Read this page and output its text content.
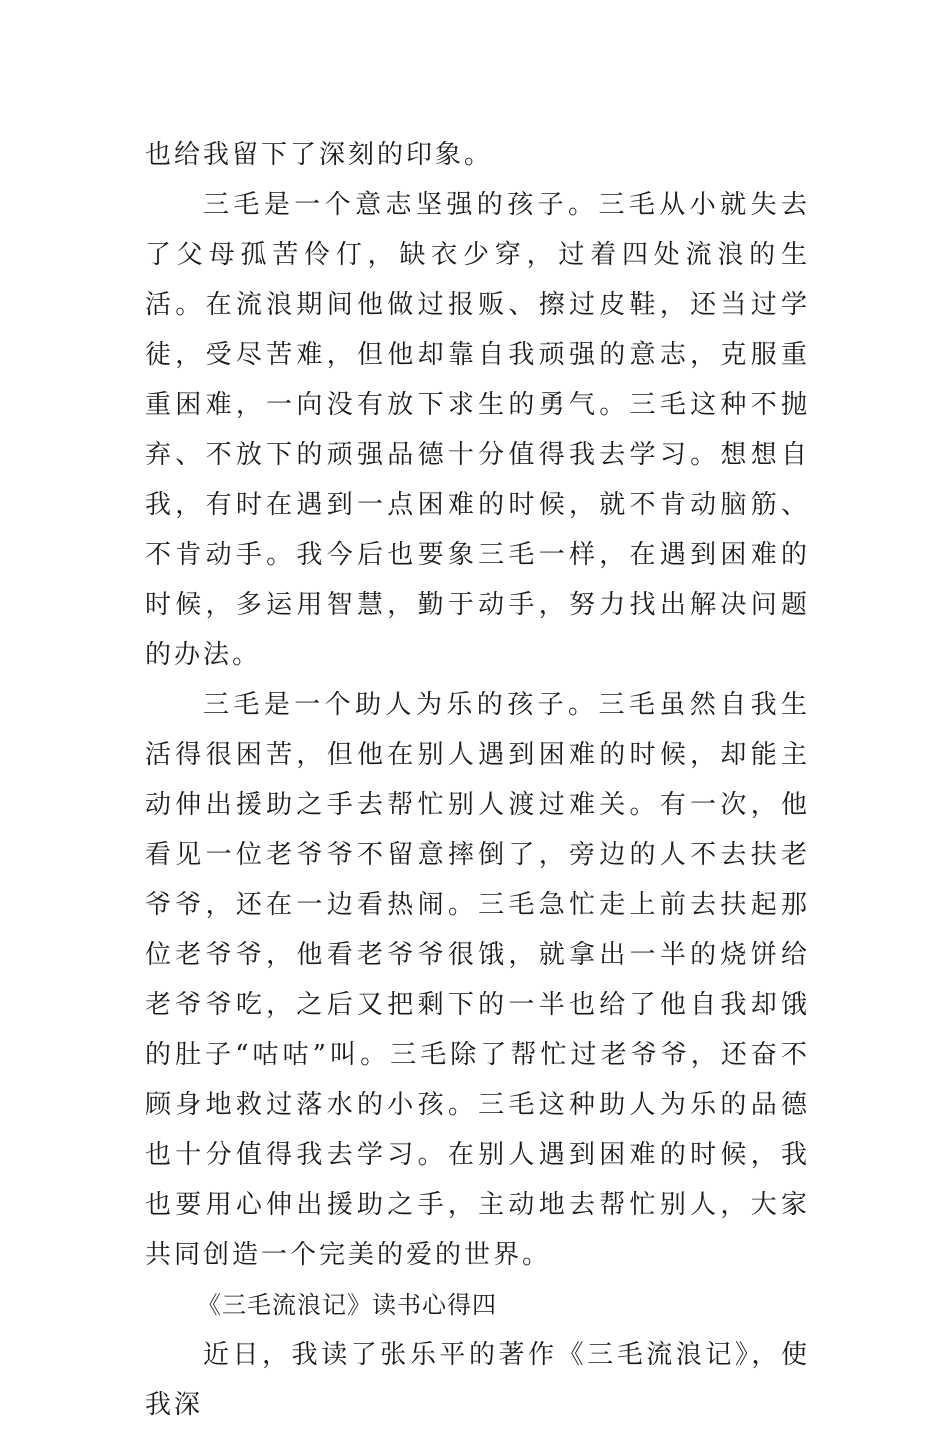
也给我留下了深刻的印象。

三毛是一个意志坚强的孩子。三毛从小就失去了父母孤苦伶仃，缺衣少穿，过着四处流浪的生活。在流浪期间他做过报贩、擦过皮鞋，还当过学徒，受尽苦难，但他却靠自我顽强的意志，克服重重困难，一向没有放下求生的勇气。三毛这种不抛弃、不放下的顽强品德十分值得我去学习。想想自我，有时在遇到一点困难的时候，就不肯动脑筋、不肯动手。我今后也要象三毛一样，在遇到困难的时候，多运用智慧，勤于动手，努力找出解决问题的办法。

三毛是一个助人为乐的孩子。三毛虽然自我生活得很困苦，但他在别人遇到困难的时候，却能主动伸出援助之手去帮忙别人渡过难关。有一次，他看见一位老爷爷不留意摔倒了，旁边的人不去扶老爷爷，还在一边看热闹。三毛急忙走上前去扶起那位老爷爷，他看老爷爷很饿，就拿出一半的烧饼给老爷爷吃，之后又把剩下的一半也给了他自我却饿的肚子“咕咕”叫。三毛除了帮忙过老爷爷，还奋不顾身地救过落水的小孩。三毛这种助人为乐的品德也十分值得我去学习。在别人遇到困难的时候，我也要用心伸出援助之手，主动地去帮忙别人，大家共同创造一个完美的爱的世界。

《三毛流浪记》读书心得四

近日，我读了张乐平的著作《三毛流浪记》，使我深
